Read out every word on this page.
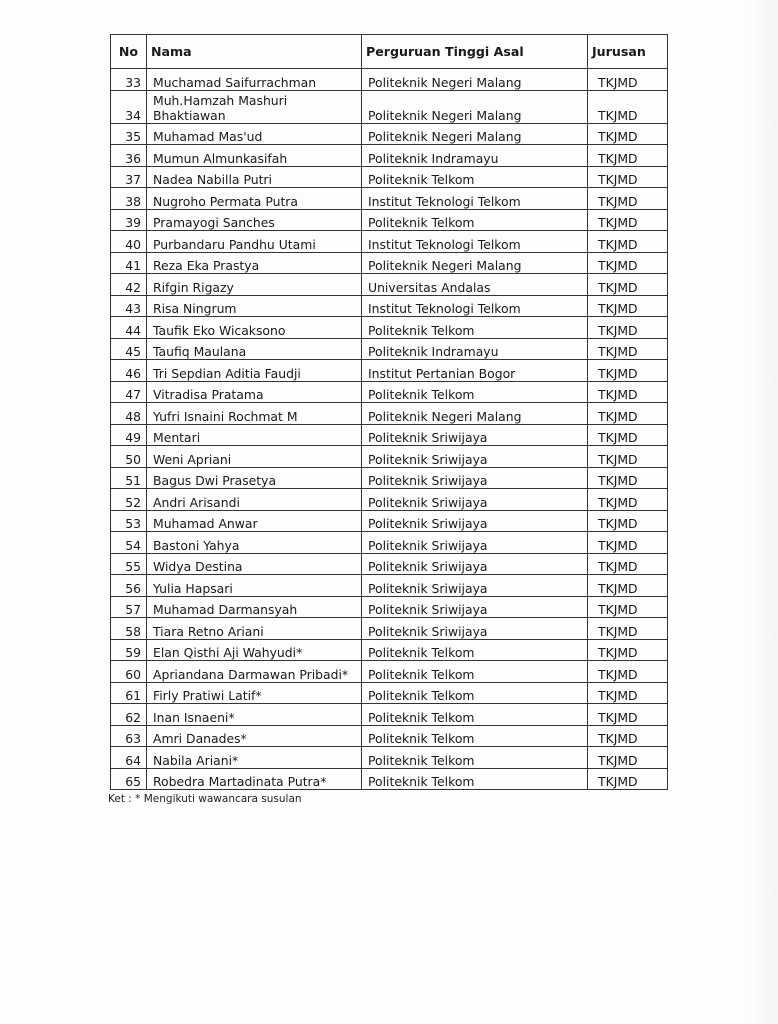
No	Nama	Perguruan Tinggi Asal	Jurusan
33	Muchamad Saifurrachman	Politeknik Negeri Malang	TKJMD
34	Muh.Hamzah Mashuri Bhaktiawan	Politeknik Negeri Malang	TKJMD
35	Muhamad Mas'ud	Politeknik Negeri Malang	TKJMD
36	Mumun Almunkasifah	Politeknik Indramayu	TKJMD
37	Nadea Nabilla Putri	Politeknik Telkom	TKJMD
38	Nugroho Permata Putra	Institut Teknologi Telkom	TKJMD
39	Pramayogi Sanches	Politeknik Telkom	TKJMD
40	Purbandaru Pandhu Utami	Institut Teknologi Telkom	TKJMD
41	Reza Eka Prastya	Politeknik Negeri Malang	TKJMD
42	Rifgin Rigazy	Universitas Andalas	TKJMD
43	Risa Ningrum	Institut Teknologi Telkom	TKJMD
44	Taufik Eko Wicaksono	Politeknik Telkom	TKJMD
45	Taufiq Maulana	Politeknik Indramayu	TKJMD
46	Tri Sepdian Aditia Faudji	Institut Pertanian Bogor	TKJMD
47	Vitradisa Pratama	Politeknik Telkom	TKJMD
48	Yufri Isnaini Rochmat M	Politeknik Negeri Malang	TKJMD
49	Mentari	Politeknik Sriwijaya	TKJMD
50	Weni Apriani	Politeknik Sriwijaya	TKJMD
51	Bagus Dwi Prasetya	Politeknik Sriwijaya	TKJMD
52	Andri Arisandi	Politeknik Sriwijaya	TKJMD
53	Muhamad Anwar	Politeknik Sriwijaya	TKJMD
54	Bastoni Yahya	Politeknik Sriwijaya	TKJMD
55	Widya Destina	Politeknik Sriwijaya	TKJMD
56	Yulia Hapsari	Politeknik Sriwijaya	TKJMD
57	Muhamad Darmansyah	Politeknik Sriwijaya	TKJMD
58	Tiara Retno Ariani	Politeknik Sriwijaya	TKJMD
59	Elan Qisthi Aji Wahyudi*	Politeknik Telkom	TKJMD
60	Apriandana Darmawan Pribadi*	Politeknik Telkom	TKJMD
61	Firly Pratiwi Latif*	Politeknik Telkom	TKJMD
62	Inan Isnaeni*	Politeknik Telkom	TKJMD
63	Amri Danades*	Politeknik Telkom	TKJMD
64	Nabila Ariani*	Politeknik Telkom	TKJMD
65	Robedra Martadinata Putra*	Politeknik Telkom	TKJMD
Ket : * Mengikuti wawancara susulan
